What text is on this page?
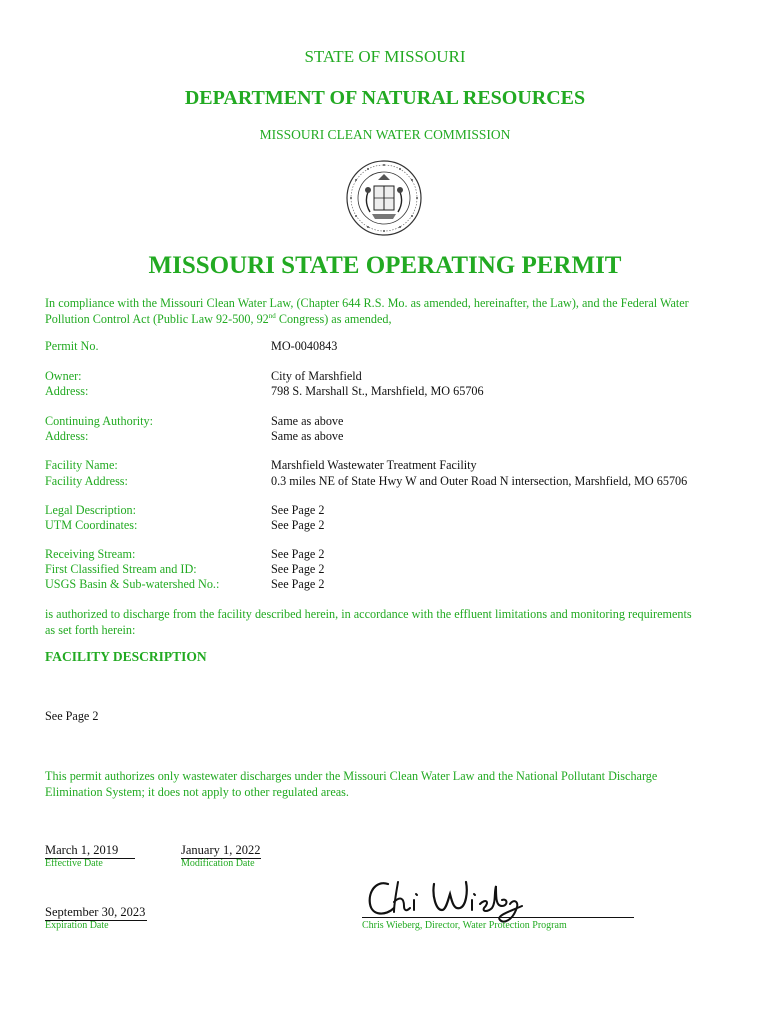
STATE OF MISSOURI
DEPARTMENT OF NATURAL RESOURCES
MISSOURI CLEAN WATER COMMISSION
MISSOURI STATE OPERATING PERMIT
In compliance with the Missouri Clean Water Law, (Chapter 644 R.S. Mo. as amended, hereinafter, the Law), and the Federal Water
Pollution Control Act (Public Law 92-500, 92nd Congress) as amended,
Permit No.	MO-0040843
Owner:	City of Marshfield
Address:	798 S. Marshall St., Marshfield, MO 65706
Continuing Authority:	Same as above
Address:	Same as above
Facility Name:	Marshfield Wastewater Treatment Facility
Facility Address:	0.3 miles NE of State Hwy W and Outer Road N intersection, Marshfield, MO 65706
Legal Description:	See Page 2
UTM Coordinates:	See Page 2
Receiving Stream:	See Page 2
First Classified Stream and ID:	See Page 2
USGS Basin & Sub-watershed No.:	See Page 2
is authorized to discharge from the facility described herein, in accordance with the effluent limitations and monitoring requirements
as set forth herein:
FACILITY DESCRIPTION
See Page 2
This permit authorizes only wastewater discharges under the Missouri Clean Water Law and the National Pollutant Discharge
Elimination System; it does not apply to other regulated areas.
March 1, 2019
Effective Date
January 1, 2022
Modification Date
September 30, 2023
Expiration Date	Chris Wieberg, Director, Water Protection Program
